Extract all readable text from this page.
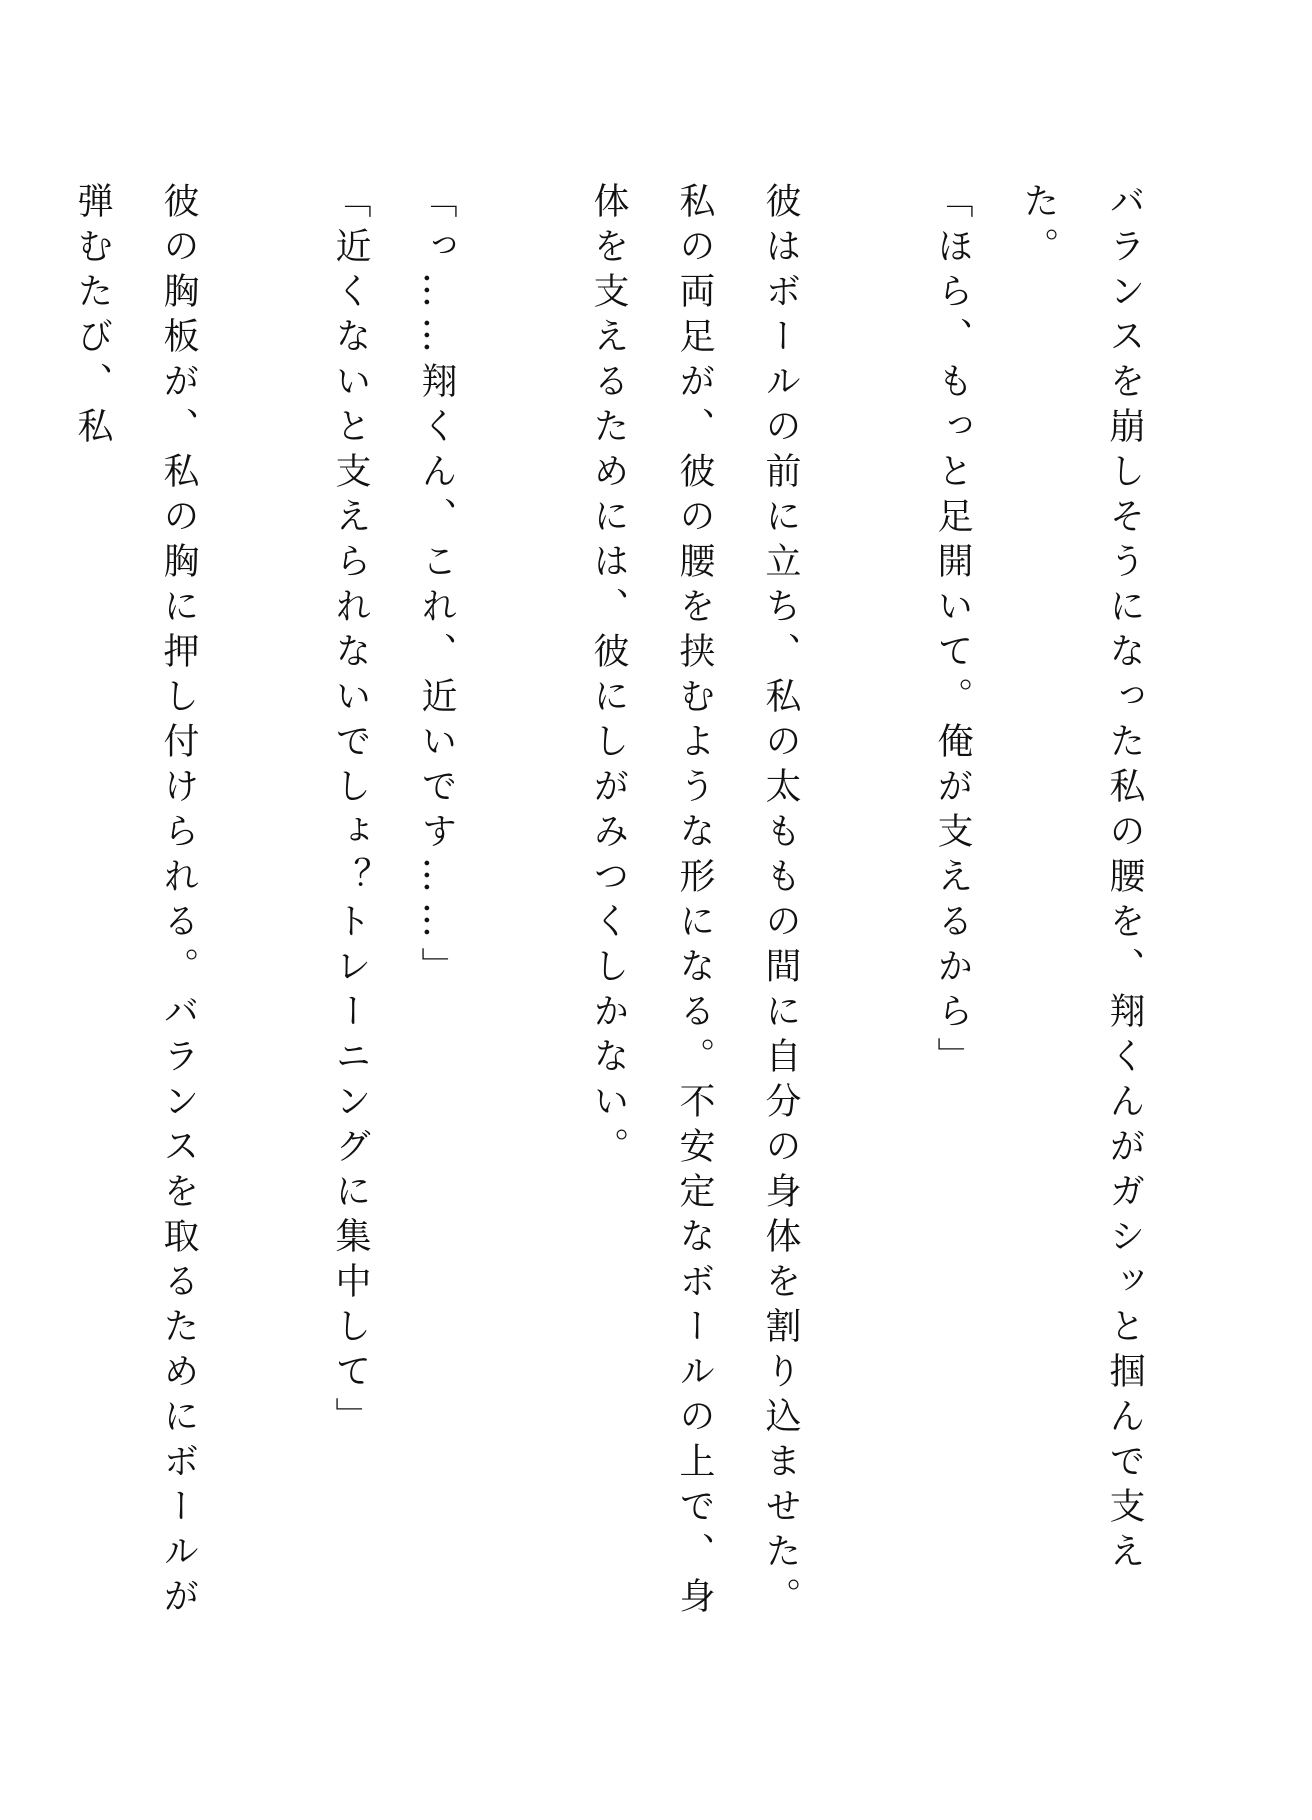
バランスを崩しそうになった私の腰を、翔くんがガシッと掴んで支えた。

「ほら、もっと足開いて。俺が支えるから」

彼はボールの前に立ち、私の太ももの間に自分の身体を割り込ませた。私の両足が、彼の腰を挟むような形になる。不安定なボールの上で、身体を支えるためには、彼にしがみつくしかない。

「っ……翔くん、これ、近いです……」

「近くないと支えられないでしょ？トレーニングに集中して」

彼の胸板が、私の胸に押し付けられる。バランスを取るためにボールが弾むたび、私
